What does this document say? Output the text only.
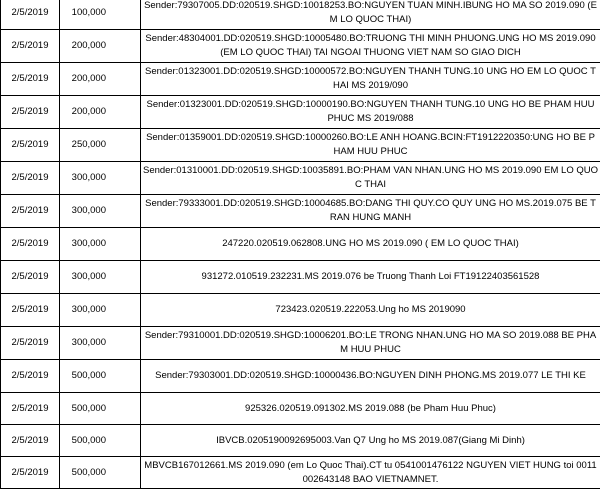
2/5/2019	100,000	Sender:79307005.DD:020519.SHGD:10018253.BO:NGUYEN TUAN MINH.IBUNG HO MA SO 2019.090 (EM LO QUOC THAI)
2/5/2019	200,000	Sender:48304001.DD:020519.SHGD:10005480.BO:TRUONG THI MINH PHUONG.UNG HO MS 2019.090 (EM LO QUOC THAI) TAI NGOAI THUONG VIET NAM SO GIAO DICH
2/5/2019	200,000	Sender:01323001.DD:020519.SHGD:10000572.BO:NGUYEN THANH TUNG.10 UNG HO EM LO QUOC THAI MS 2019/090
2/5/2019	200,000	Sender:01323001.DD:020519.SHGD:10000190.BO:NGUYEN THANH TUNG.10 UNG HO BE PHAM HUU PHUC MS 2019/088
2/5/2019	250,000	Sender:01359001.DD:020519.SHGD:10000260.BO:LE ANH HOANG.BCIN:FT1912220350:UNG HO BE PHAM HUU PHUC
2/5/2019	300,000	Sender:01310001.DD:020519.SHGD:10035891.BO:PHAM VAN NHAN.UNG HO MS 2019.090 EM LO QUOC THAI
2/5/2019	300,000	Sender:79333001.DD:020519.SHGD:10004685.BO:DANG THI QUY.CO QUY UNG HO MS.2019.075 BE TRAN HUNG MANH
2/5/2019	300,000	247220.020519.062808.UNG HO MS 2019.090 ( EM LO QUOC THAI)
2/5/2019	300,000	931272.010519.232231.MS 2019.076 be Truong Thanh Loi FT19122403561528
2/5/2019	300,000	723423.020519.222053.Ung ho MS 2019090
2/5/2019	300,000	Sender:79310001.DD:020519.SHGD:10006201.BO:LE TRONG NHAN.UNG HO MA SO 2019.088 BE PHAM HUU PHUC
2/5/2019	500,000	Sender:79303001.DD:020519.SHGD:10000436.BO:NGUYEN DINH PHONG.MS 2019.077 LE THI KE
2/5/2019	500,000	925326.020519.091302.MS 2019.088 (be Pham Huu Phuc)
2/5/2019	500,000	IBVCB.0205190092695003.Van Q7 Ung ho MS 2019.087(Giang Mi Dinh)
2/5/2019	500,000	MBVCB167012661.MS 2019.090 (em Lo Quoc Thai).CT tu 0541001476122 NGUYEN VIET HUNG toi 0011002643148 BAO VIETNAMNET.
